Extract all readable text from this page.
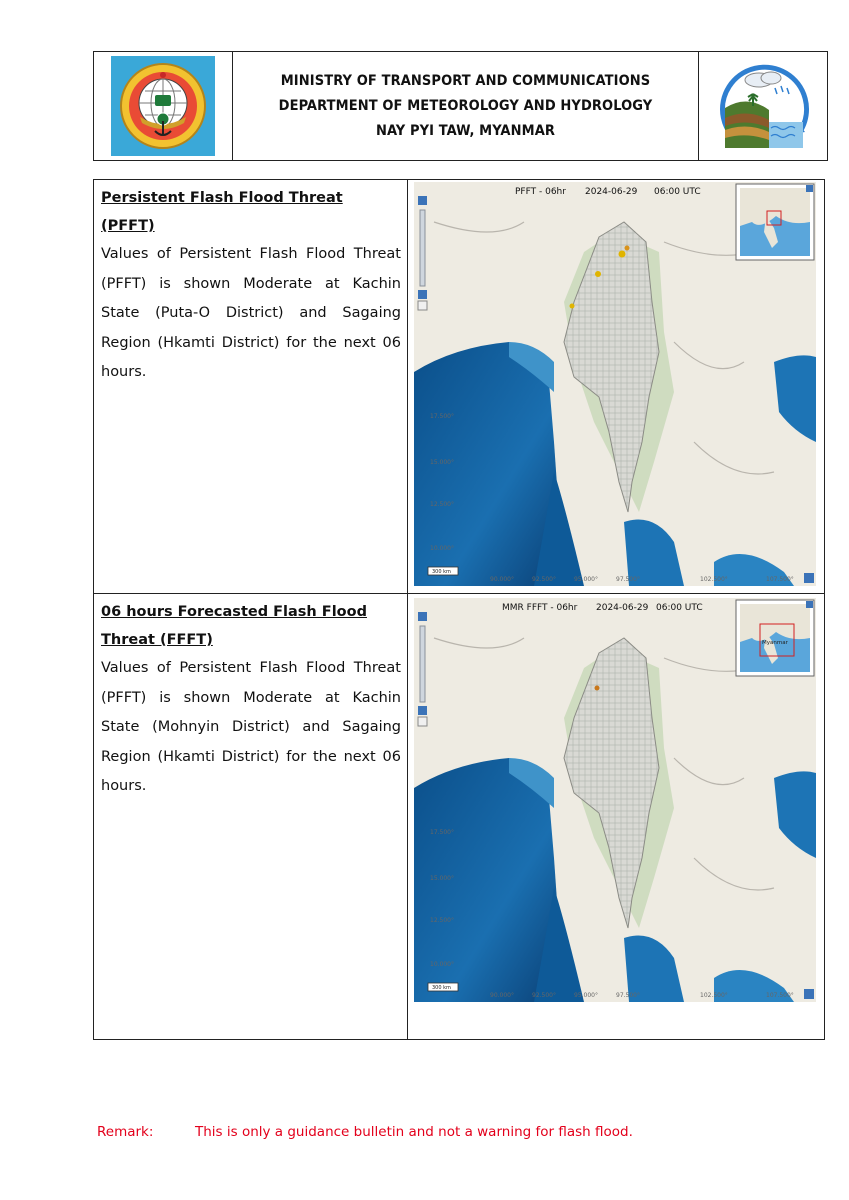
MINISTRY OF TRANSPORT AND COMMUNICATIONS
DEPARTMENT OF METEOROLOGY AND HYDROLOGY
NAY PYI TAW, MYANMAR
Persistent Flash Flood Threat (PFFT)
Values of Persistent Flash Flood Threat (PFFT) is shown Moderate at Kachin State (Puta-O District) and Sagaing Region (Hkamti District) for the next 06 hours.
PFFT - 06hr 2024-06-29 06:00 UTC
17.500°
15.000°
12.500°
10.000°
90.000°	92.500°	95.000°	97.500°	102.500°	107.500°
300 km
06 hours Forecasted Flash Flood Threat (FFFT)
Values of Persistent Flash Flood Threat (PFFT) is shown Moderate at Kachin State (Mohnyin District) and Sagaing Region (Hkamti District) for the next 06 hours.
MMR FFFT - 06hr 2024-06-29 06:00 UTC
Myanmar
17.500°
15.000°
12.500°
10.000°
90.000°	92.500°	95.000°	97.500°	102.500°	107.500°
300 km
Remark:	This is only a guidance bulletin and not a warning for flash flood.
